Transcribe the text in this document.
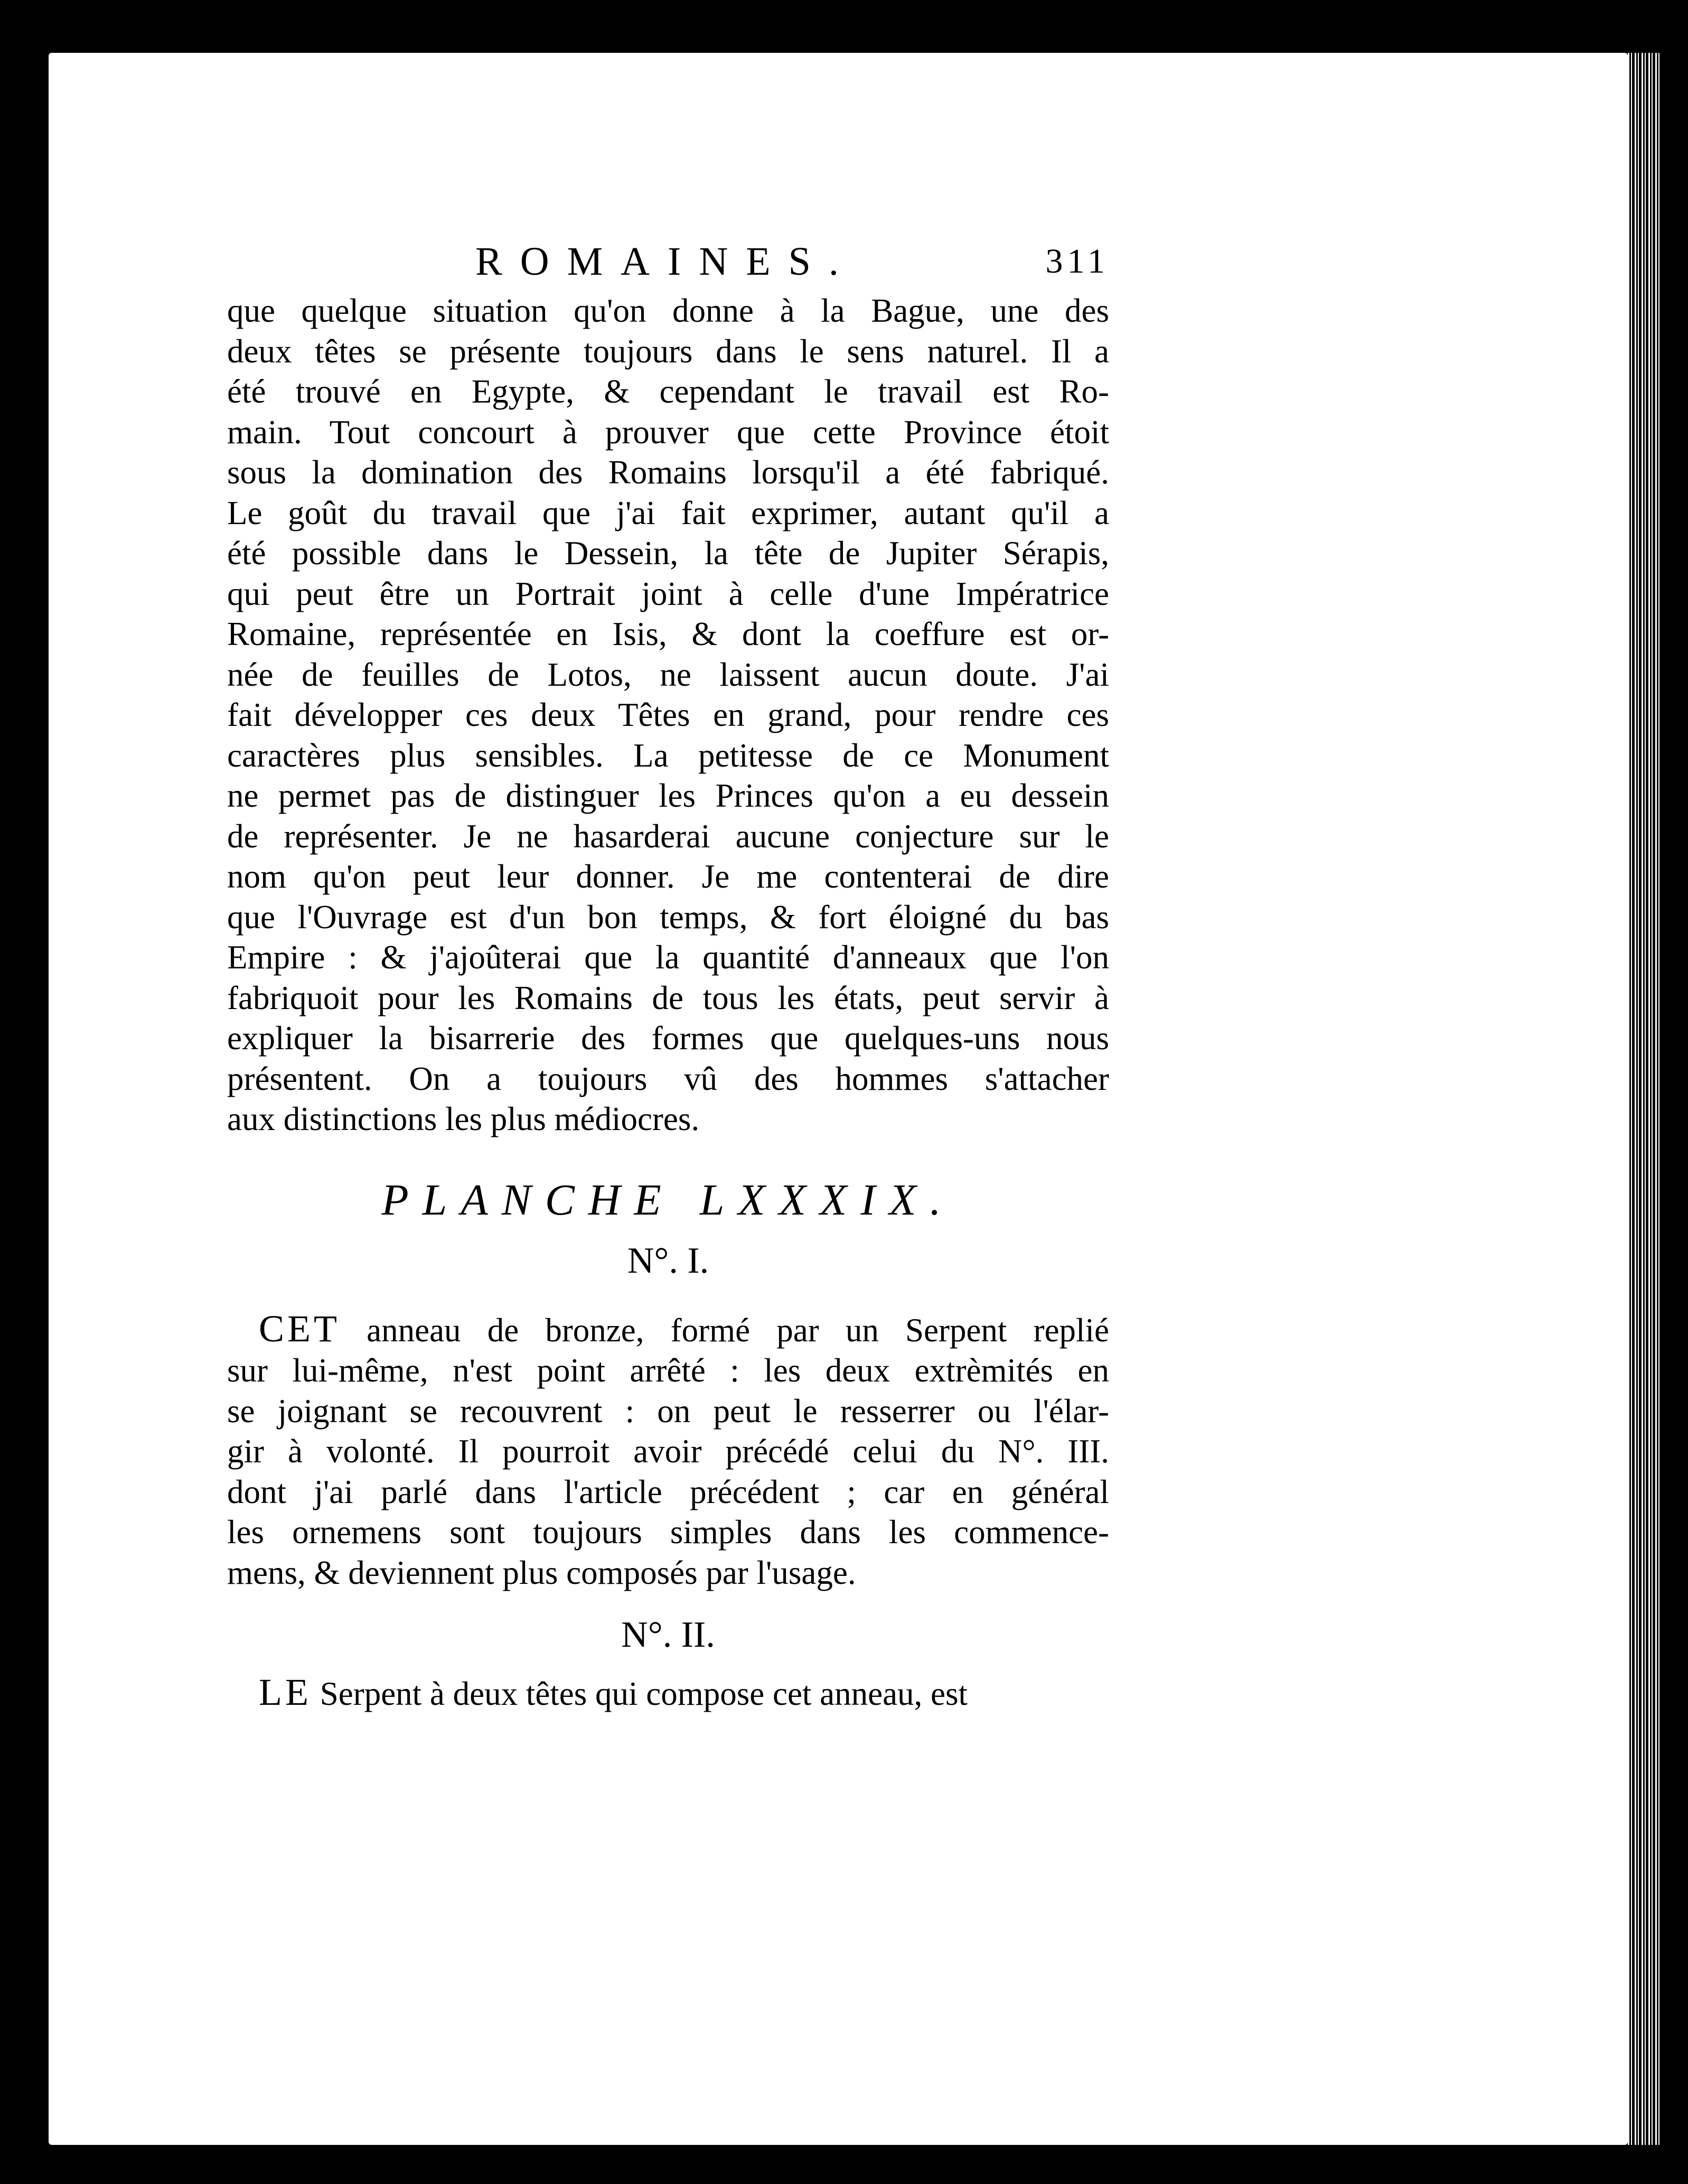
ROMAINES.	311

que quelque situation qu'on donne à la Bague, une des
deux têtes se présente toujours dans le sens naturel. Il a
été trouvé en Egypte, & cependant le travail est Ro-
main. Tout concourt à prouver que cette Province étoit
sous la domination des Romains lorsqu'il a été fabriqué.
Le goût du travail que j'ai fait exprimer, autant qu'il a
été possible dans le Dessein, la tête de Jupiter Sérapis,
qui peut être un Portrait joint à celle d'une Impératrice
Romaine, représentée en Isis, & dont la coeffure est or-
née de feuilles de Lotos, ne laissent aucun doute. J'ai
fait développer ces deux Têtes en grand, pour rendre ces
caractères plus sensibles. La petitesse de ce Monument
ne permet pas de distinguer les Princes qu'on a eu dessein
de représenter. Je ne hasarderai aucune conjecture sur le
nom qu'on peut leur donner. Je me contenterai de dire
que l'Ouvrage est d'un bon temps, & fort éloigné du bas
Empire : & j'ajoûterai que la quantité d'anneaux que l'on
fabriquoit pour les Romains de tous les états, peut servir à
expliquer la bisarrerie des formes que quelques-uns nous
présentent. On a toujours vû des hommes s'attacher
aux distinctions les plus médiocres.

PLANCHE LXXXIX.
N°. I.

CET anneau de bronze, formé par un Serpent replié
sur lui-même, n'est point arrêté : les deux extrèmités en
se joignant se recouvrent : on peut le resserrer ou l'élar-
gir à volonté. Il pourroit avoir précédé celui du N°. III.
dont j'ai parlé dans l'article précédent ; car en général
les ornemens sont toujours simples dans les commence-
mens, & deviennent plus composés par l'usage.

N°. II.

LE Serpent à deux têtes qui compose cet anneau, est
